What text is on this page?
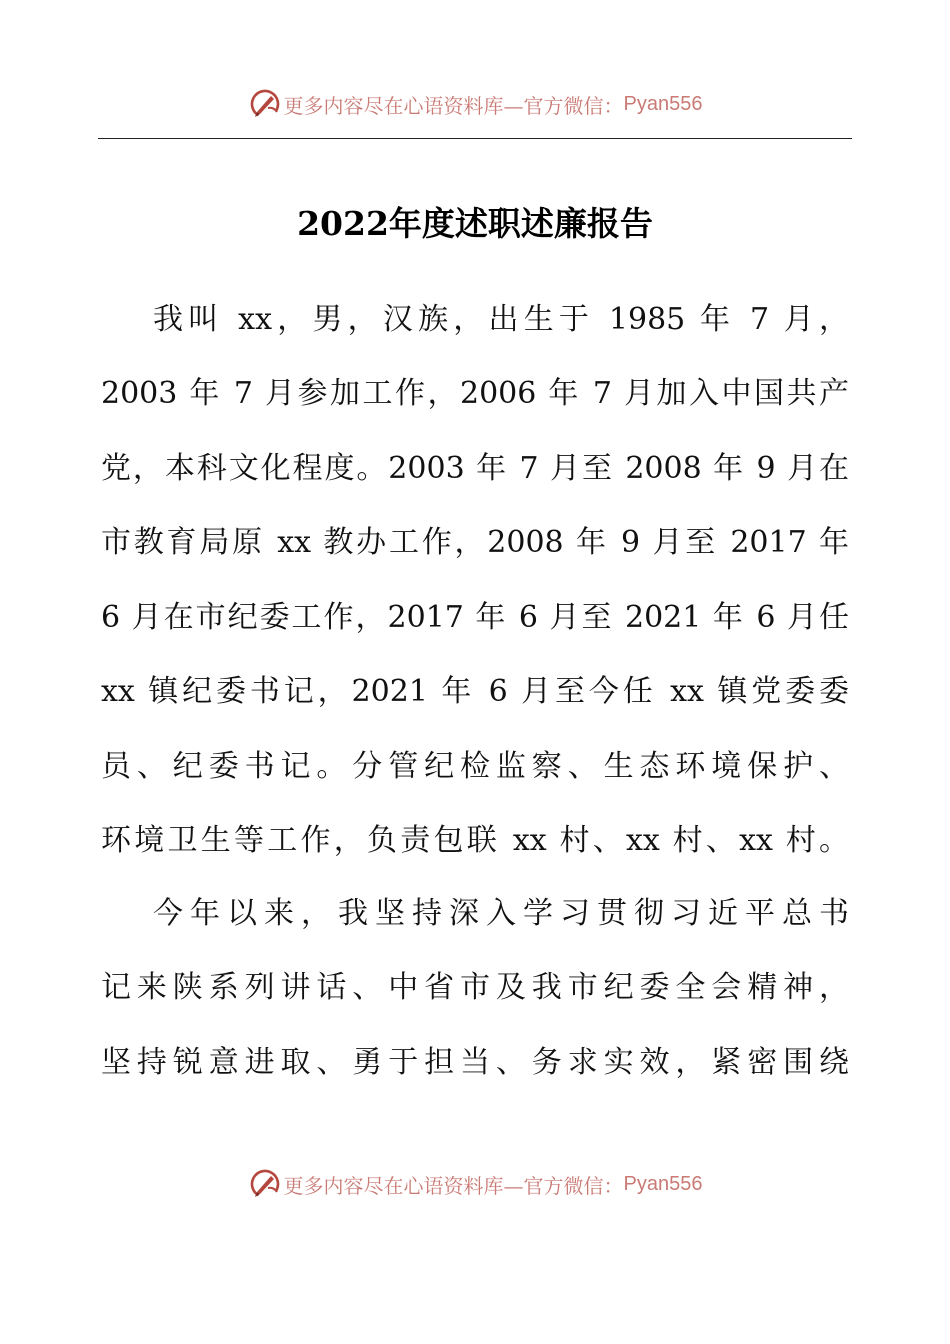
更多内容尽在心语资料库—官方微信： Pyan556
2022年度述职述廉报告
我叫 xx，男，汉族，出生于 1985 年 7 月，
2003 年 7 月参加工作，2006 年 7 月加入中国共产
党，本科文化程度。2003 年 7 月至 2008 年 9 月在
市教育局原 xx 教办工作，2008 年 9 月至 2017 年
6 月在市纪委工作，2017 年 6 月至 2021 年 6 月任
xx 镇纪委书记，2021 年 6 月至今任 xx 镇党委委
员、纪委书记。分管纪检监察、生态环境保护、
环境卫生等工作，负责包联 xx 村、xx 村、xx 村。
今年以来，我坚持深入学习贯彻习近平总书
记来陕系列讲话、中省市及我市纪委全会精神，
坚持锐意进取、勇于担当、务求实效，紧密围绕
更多内容尽在心语资料库—官方微信： Pyan556
